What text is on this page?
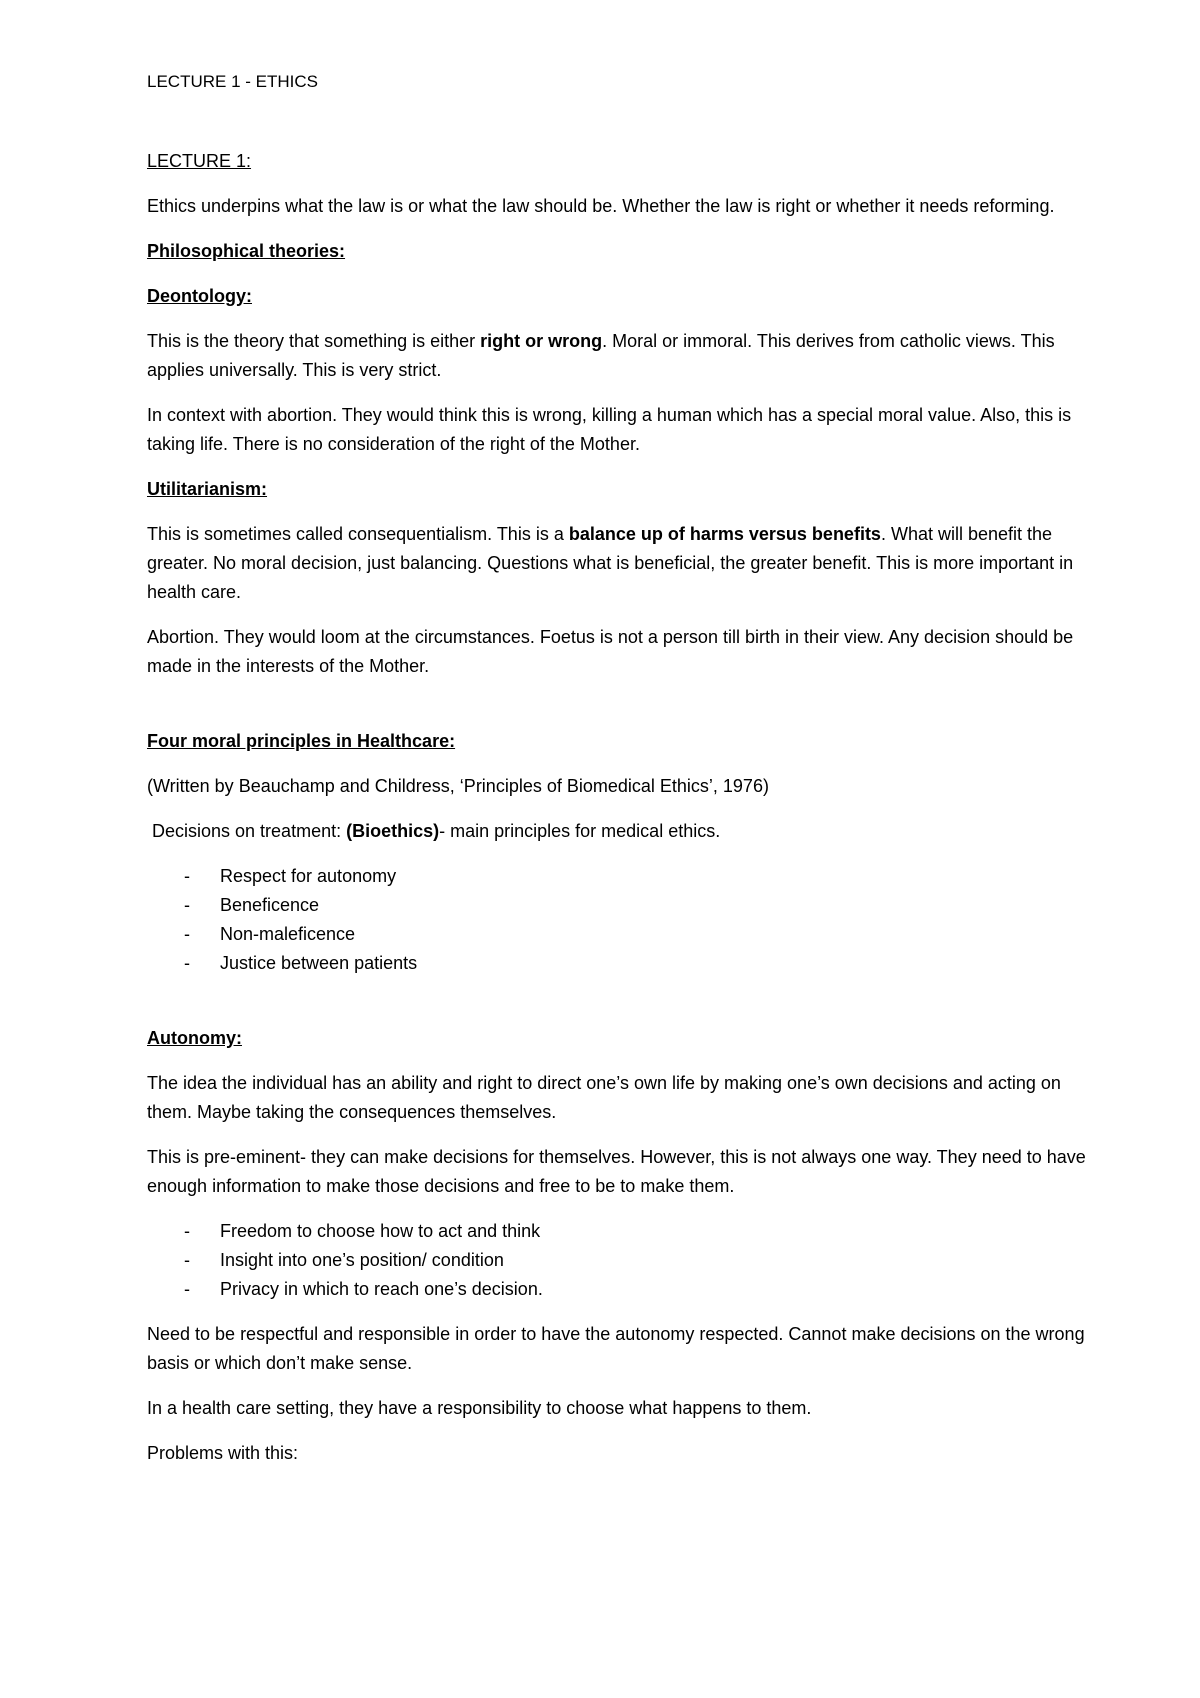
LECTURE 1 - ETHICS

LECTURE 1:

Ethics underpins what the law is or what the law should be. Whether the law is right or whether it needs reforming.

Philosophical theories:

Deontology:

This is the theory that something is either right or wrong. Moral or immoral. This derives from catholic views. This applies universally. This is very strict.

In context with abortion. They would think this is wrong, killing a human which has a special moral value. Also, this is taking life. There is no consideration of the right of the Mother.

Utilitarianism:

This is sometimes called consequentialism. This is a balance up of harms versus benefits. What will benefit the greater. No moral decision, just balancing. Questions what is beneficial, the greater benefit. This is more important in health care.

Abortion. They would loom at the circumstances. Foetus is not a person till birth in their view. Any decision should be made in the interests of the Mother.

Four moral principles in Healthcare:

(Written by Beauchamp and Childress, ‘Principles of Biomedical Ethics’, 1976)

Decisions on treatment: (Bioethics)- main principles for medical ethics.

- Respect for autonomy
- Beneficence
- Non-maleficence
- Justice between patients

Autonomy:

The idea the individual has an ability and right to direct one’s own life by making one’s own decisions and acting on them. Maybe taking the consequences themselves.

This is pre-eminent- they can make decisions for themselves. However, this is not always one way. They need to have enough information to make those decisions and free to be to make them.

- Freedom to choose how to act and think
- Insight into one’s position/ condition
- Privacy in which to reach one’s decision.

Need to be respectful and responsible in order to have the autonomy respected. Cannot make decisions on the wrong basis or which don’t make sense.

In a health care setting, they have a responsibility to choose what happens to them.

Problems with this:
